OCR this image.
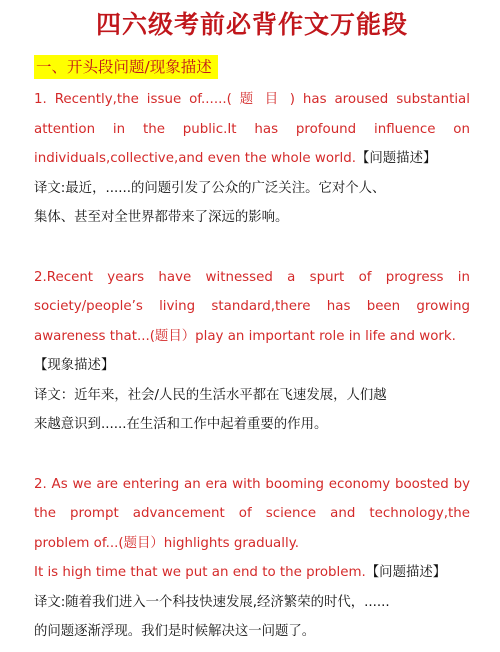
四六级考前必背作文万能段
一、开头段问题/现象描述
1. Recently,the issue of......( 题 目 ) has aroused substantial
attention in the public.It has profound influence on
individuals,collective,and even the whole world.【问题描述】
译文:最近，......的问题引发了公众的广泛关注。它对个人、
集体、甚至对全世界都带来了深远的影响。
2.Recent years have witnessed a spurt of progress in
society/people’s living standard,there has been growing
awareness that...(题目）play an important role in life and work.
【现象描述】
译文：近年来，社会/人民的生活水平都在飞速发展，人们越
来越意识到......在生活和工作中起着重要的作用。
2. As we are entering an era with booming economy boosted by
the prompt advancement of science and technology,the
problem of...(题目）highlights gradually.
It is high time that we put an end to the problem.【问题描述】
译文:随着我们进入一个科技快速发展,经济繁荣的时代，......
的问题逐渐浮现。我们是时候解决这一问题了。
